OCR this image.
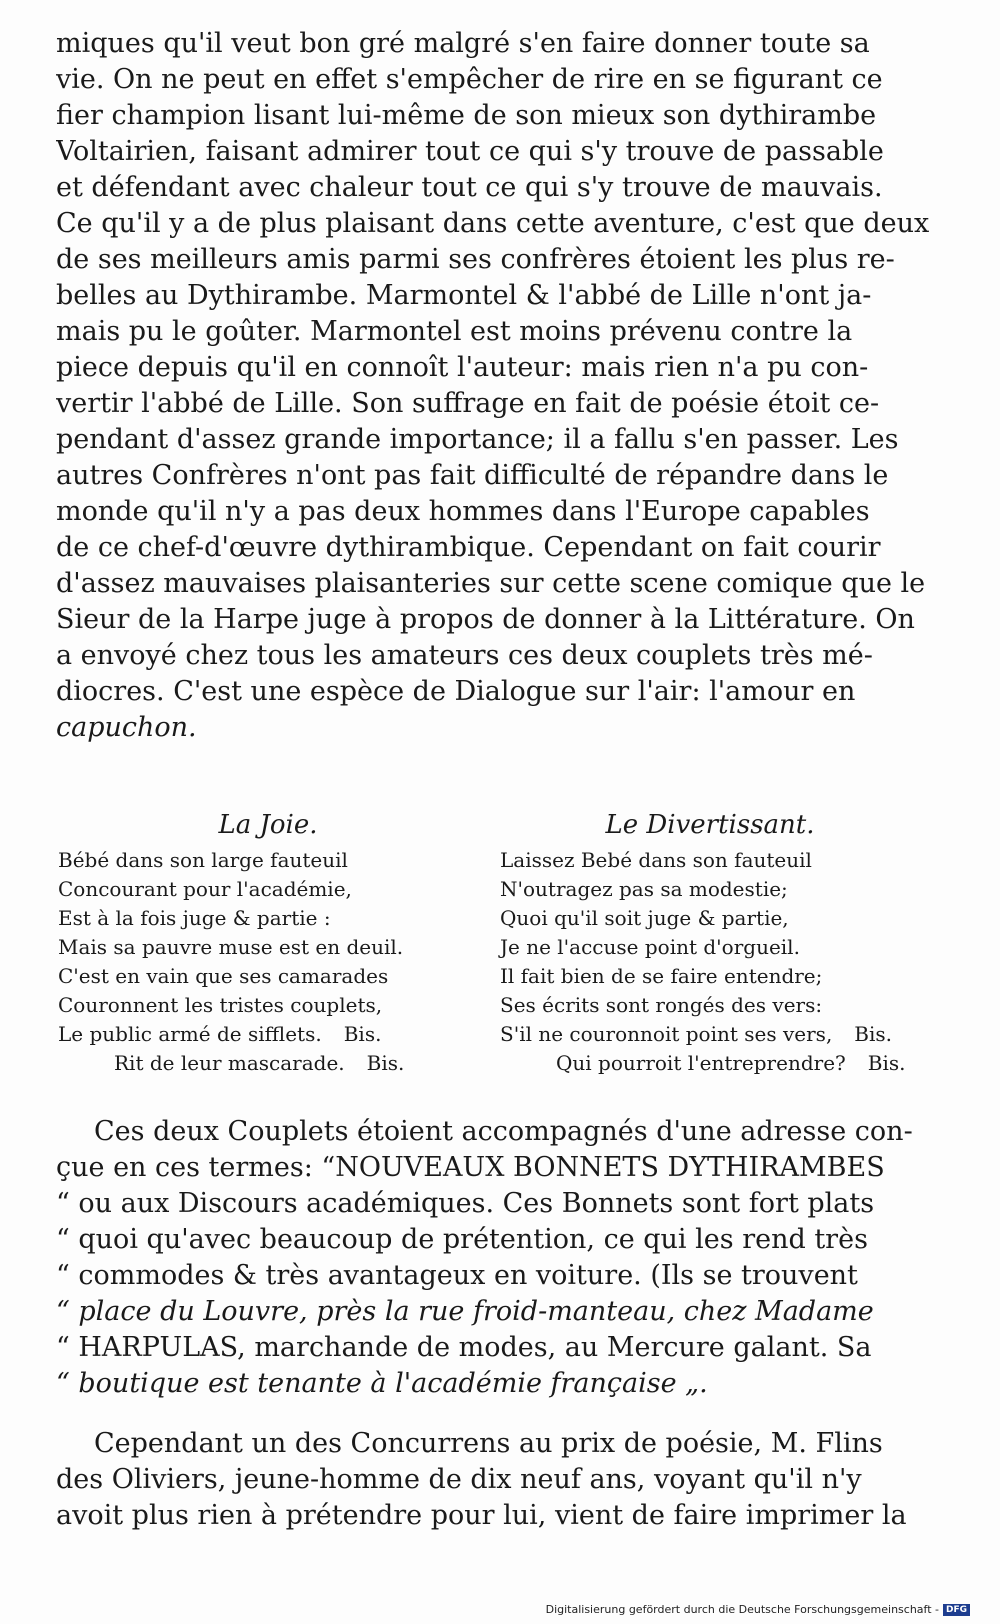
miques qu'il veut bon gré malgré s'en faire donner toute sa
vie. On ne peut en effet s'empêcher de rire en se figurant ce
fier champion lisant lui-même de son mieux son dythirambe
Voltairien, faisant admirer tout ce qui s'y trouve de passable
et défendant avec chaleur tout ce qui s'y trouve de mauvais.
Ce qu'il y a de plus plaisant dans cette aventure, c'est que deux
de ses meilleurs amis parmi ses confrères étoient les plus re-
belles au Dythirambe. Marmontel & l'abbé de Lille n'ont ja-
mais pu le goûter. Marmontel est moins prévenu contre la
piece depuis qu'il en connoît l'auteur: mais rien n'a pu con-
vertir l'abbé de Lille. Son suffrage en fait de poésie étoit ce-
pendant d'assez grande importance; il a fallu s'en passer. Les
autres Confrères n'ont pas fait difficulté de répandre dans le
monde qu'il n'y a pas deux hommes dans l'Europe capables
de ce chef-d'œuvre dythirambique. Cependant on fait courir
d'assez mauvaises plaisanteries sur cette scene comique que le
Sieur de la Harpe juge à propos de donner à la Littérature. On
a envoyé chez tous les amateurs ces deux couplets très mé-
diocres. C'est une espèce de Dialogue sur l'air: l'amour en
capuchon.
La Joie.
Bébé dans son large fauteuil
Concourant pour l'académie,
Est à la fois juge & partie :
Mais sa pauvre muse est en deuil.
C'est en vain que ses camarades
Couronnent les tristes couplets,
Le public armé de sifflets. Bis.
Rit de leur mascarade. Bis.
Le Divertissant.
Laissez Bebé dans son fauteuil
N'outragez pas sa modestie;
Quoi qu'il soit juge & partie,
Je ne l'accuse point d'orgueil.
Il fait bien de se faire entendre;
Ses écrits sont rongés des vers:
S'il ne couronnoit point ses vers, Bis.
Qui pourroit l'entreprendre? Bis.
Ces deux Couplets étoient accompagnés d'une adresse con-
çue en ces termes: “NOUVEAUX BONNETS DYTHIRAMBES
“ ou aux Discours académiques. Ces Bonnets sont fort plats
“ quoi qu'avec beaucoup de prétention, ce qui les rend très
“ commodes & très avantageux en voiture. (Ils se trouvent
“ place du Louvre, près la rue froid-manteau, chez Madame
“ HARPULAS, marchande de modes, au Mercure galant. Sa
“ boutique est tenante à l'académie française „.
Cependant un des Concurrens au prix de poésie, M. Flins
des Oliviers, jeune-homme de dix neuf ans, voyant qu'il n'y
avoit plus rien à prétendre pour lui, vient de faire imprimer la
Digitalisierung gefördert durch die Deutsche Forschungsgemeinschaft - DFG
